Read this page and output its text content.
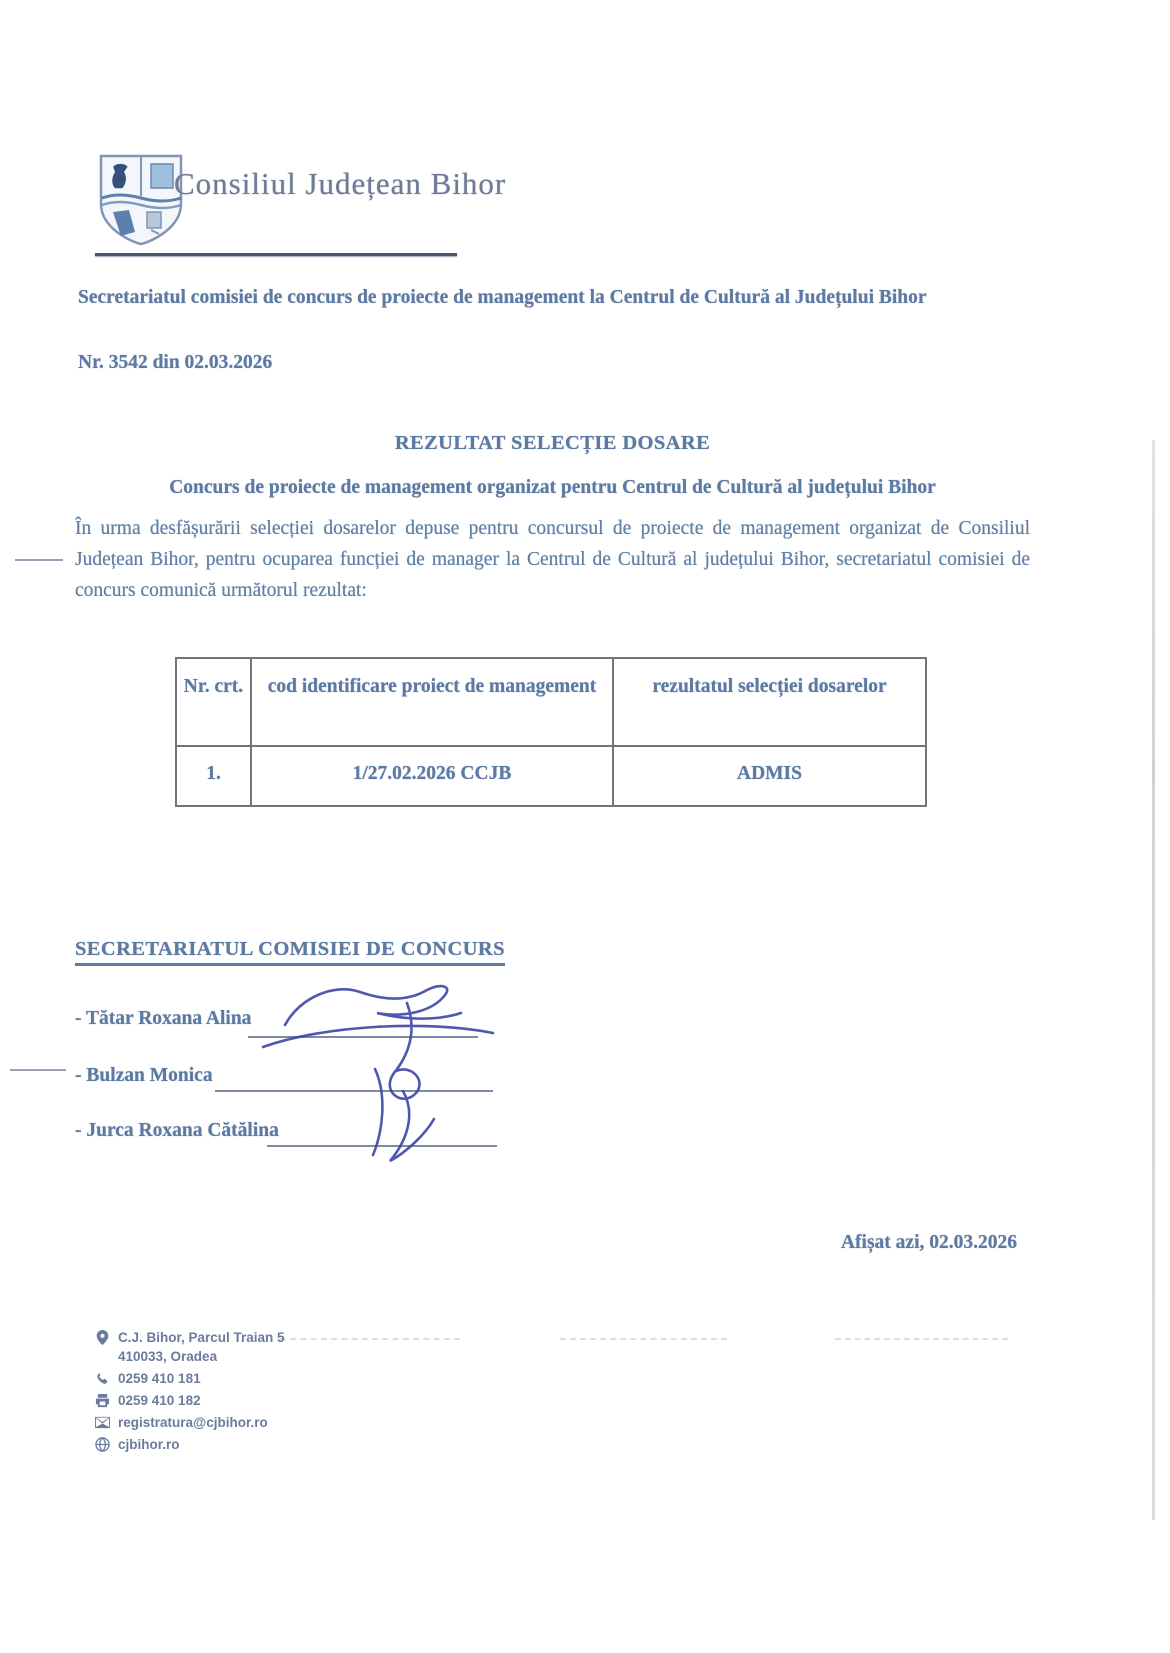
Consiliul Județean Bihor
Secretariatul comisiei de concurs de proiecte de management la Centrul de Cultură al Județului Bihor
Nr. 3542 din 02.03.2026
REZULTAT SELECȚIE DOSARE
Concurs de proiecte de management organizat pentru Centrul de Cultură al județului Bihor
În urma desfășurării selecției dosarelor depuse pentru concursul de proiecte de management organizat de Consiliul Județean Bihor, pentru ocuparea funcției de manager la Centrul de Cultură al județului Bihor, secretariatul comisiei de concurs comunică următorul rezultat:
Nr. crt.	cod identificare proiect de management	rezultatul selecției dosarelor
1.	1/27.02.2026 CCJB	ADMIS
SECRETARIATUL COMISIEI DE CONCURS
- Tătar Roxana Alina
- Bulzan Monica
- Jurca Roxana Cătălina
Afișat azi, 02.03.2026
C.J. Bihor, Parcul Traian 5
410033, Oradea
0259 410 181
0259 410 182
registratura@cjbihor.ro
cjbihor.ro
